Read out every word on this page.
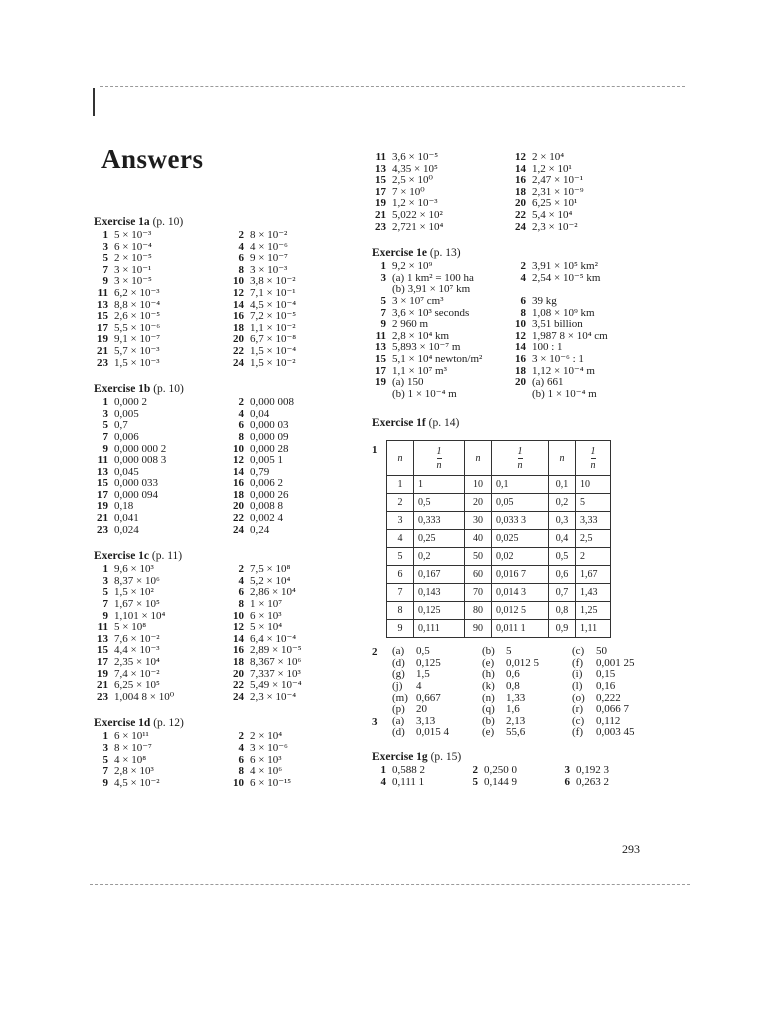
Answers
Exercise 1a (p. 10)
1 5 × 10⁻³	2 8 × 10⁻²
3 6 × 10⁻⁴	4 4 × 10⁻⁶
5 2 × 10⁻⁵	6 9 × 10⁻⁷
7 3 × 10⁻¹	8 3 × 10⁻³
9 3 × 10⁻⁵	10 3,8 × 10⁻²
11 6,2 × 10⁻³	12 7,1 × 10⁻¹
13 8,8 × 10⁻⁴	14 4,5 × 10⁻⁴
15 2,6 × 10⁻⁵	16 7,2 × 10⁻⁵
17 5,5 × 10⁻⁶	18 1,1 × 10⁻²
19 9,1 × 10⁻⁷	20 6,7 × 10⁻⁸
21 5,7 × 10⁻³	22 1,5 × 10⁻⁴
23 1,5 × 10⁻³	24 1,5 × 10⁻²
Exercise 1b (p. 10)
1 0,000 2	2 0,000 008
3 0,005	4 0,04
5 0,7	6 0,000 03
7 0,006	8 0,000 09
9 0,000 000 2	10 0,000 28
11 0,000 008 3	12 0,005 1
13 0,045	14 0,79
15 0,000 033	16 0,006 2
17 0,000 094	18 0,000 26
19 0,18	20 0,008 8
21 0,041	22 0,002 4
23 0,024	24 0,24
Exercise 1c (p. 11)
1 9,6 × 10³	2 7,5 × 10⁸
3 8,37 × 10⁶	4 5,2 × 10⁴
5 1,5 × 10²	6 2,86 × 10⁴
7 1,67 × 10⁵	8 1 × 10⁷
9 1,101 × 10⁴	10 6 × 10³
11 5 × 10⁸	12 5 × 10⁴
13 7,6 × 10⁻²	14 6,4 × 10⁻⁴
15 4,4 × 10⁻³	16 2,89 × 10⁻⁵
17 2,35 × 10⁴	18 8,367 × 10⁶
19 7,4 × 10⁻²	20 7,337 × 10³
21 6,25 × 10⁵	22 5,49 × 10⁻⁴
23 1,004 8 × 10⁰	24 2,3 × 10⁻⁴
Exercise 1d (p. 12)
1 6 × 10¹¹	2 2 × 10⁴
3 8 × 10⁻⁷	4 3 × 10⁻⁶
5 4 × 10⁸	6 6 × 10³
7 2,8 × 10³	8 4 × 10⁶
9 4,5 × 10⁻²	10 6 × 10⁻¹⁵
11 3,6 × 10⁻⁵	12 2 × 10⁴
13 4,35 × 10⁵	14 1,2 × 10¹
15 2,5 × 10⁰	16 2,47 × 10⁻¹
17 7 × 10⁰	18 2,31 × 10⁻⁹
19 1,2 × 10⁻³	20 6,25 × 10¹
21 5,022 × 10²	22 5,4 × 10⁴
23 2,721 × 10⁴	24 2,3 × 10⁻²
Exercise 1e (p. 13)
1 9,2 × 10⁹	2 3,91 × 10⁵ km²
3 (a) 1 km² = 100 ha	4 2,54 × 10⁻⁵ km
(b) 3,91 × 10⁷ km
5 3 × 10⁷ cm³	6 39 kg
7 3,6 × 10³ seconds	8 1,08 × 10⁹ km
9 2 960 m	10 3,51 billion
11 2,8 × 10⁴ km	12 1,987 8 × 10⁴ cm
13 5,893 × 10⁻⁷ m	14 100 : 1
15 5,1 × 10⁴ newton/m²	16 3 × 10⁻⁶ : 1
17 1,1 × 10⁷ m³	18 1,12 × 10⁻⁴ m
19 (a) 150	20 (a) 661
(b) 1 × 10⁻⁴ m	(b) 1 × 10⁻⁴ m
Exercise 1f (p. 14)
1
n	$\frac{1}{n}$	n	$\frac{1}{n}$	n	$\frac{1}{n}$
1	1	10	0,1	0,1	10
2	0,5	20	0,05	0,2	5
3	0,333	30	0,033 3	0,3	3,33
4	0,25	40	0,025	0,4	2,5
5	0,2	50	0,02	0,5	2
6	0,167	60	0,016 7	0,6	1,67
7	0,143	70	0,014 3	0,7	1,43
8	0,125	80	0,012 5	0,8	1,25
9	0,111	90	0,011 1	0,9	1,11
2	(a)	0,5	(b)	5	(c)	50
(d)	0,125	(e)	0,012 5	(f)	0,001 25
(g)	1,5	(h)	0,6	(i)	0,15
(j)	4	(k)	0,8	(l)	0,16
(m) 0,667	(n)	1,33	(o)	0,222
(p)	20	(q)	1,6	(r)	0,066 7
3	(a)	3,13	(b)	2,13	(c)	0,112
(d)	0,015 4	(e)	55,6	(f)	0,003 45
Exercise 1g (p. 15)
1 0,588 2	2 0,250 0	3 0,192 3
4 0,111 1	5 0,144 9	6 0,263 2
293
